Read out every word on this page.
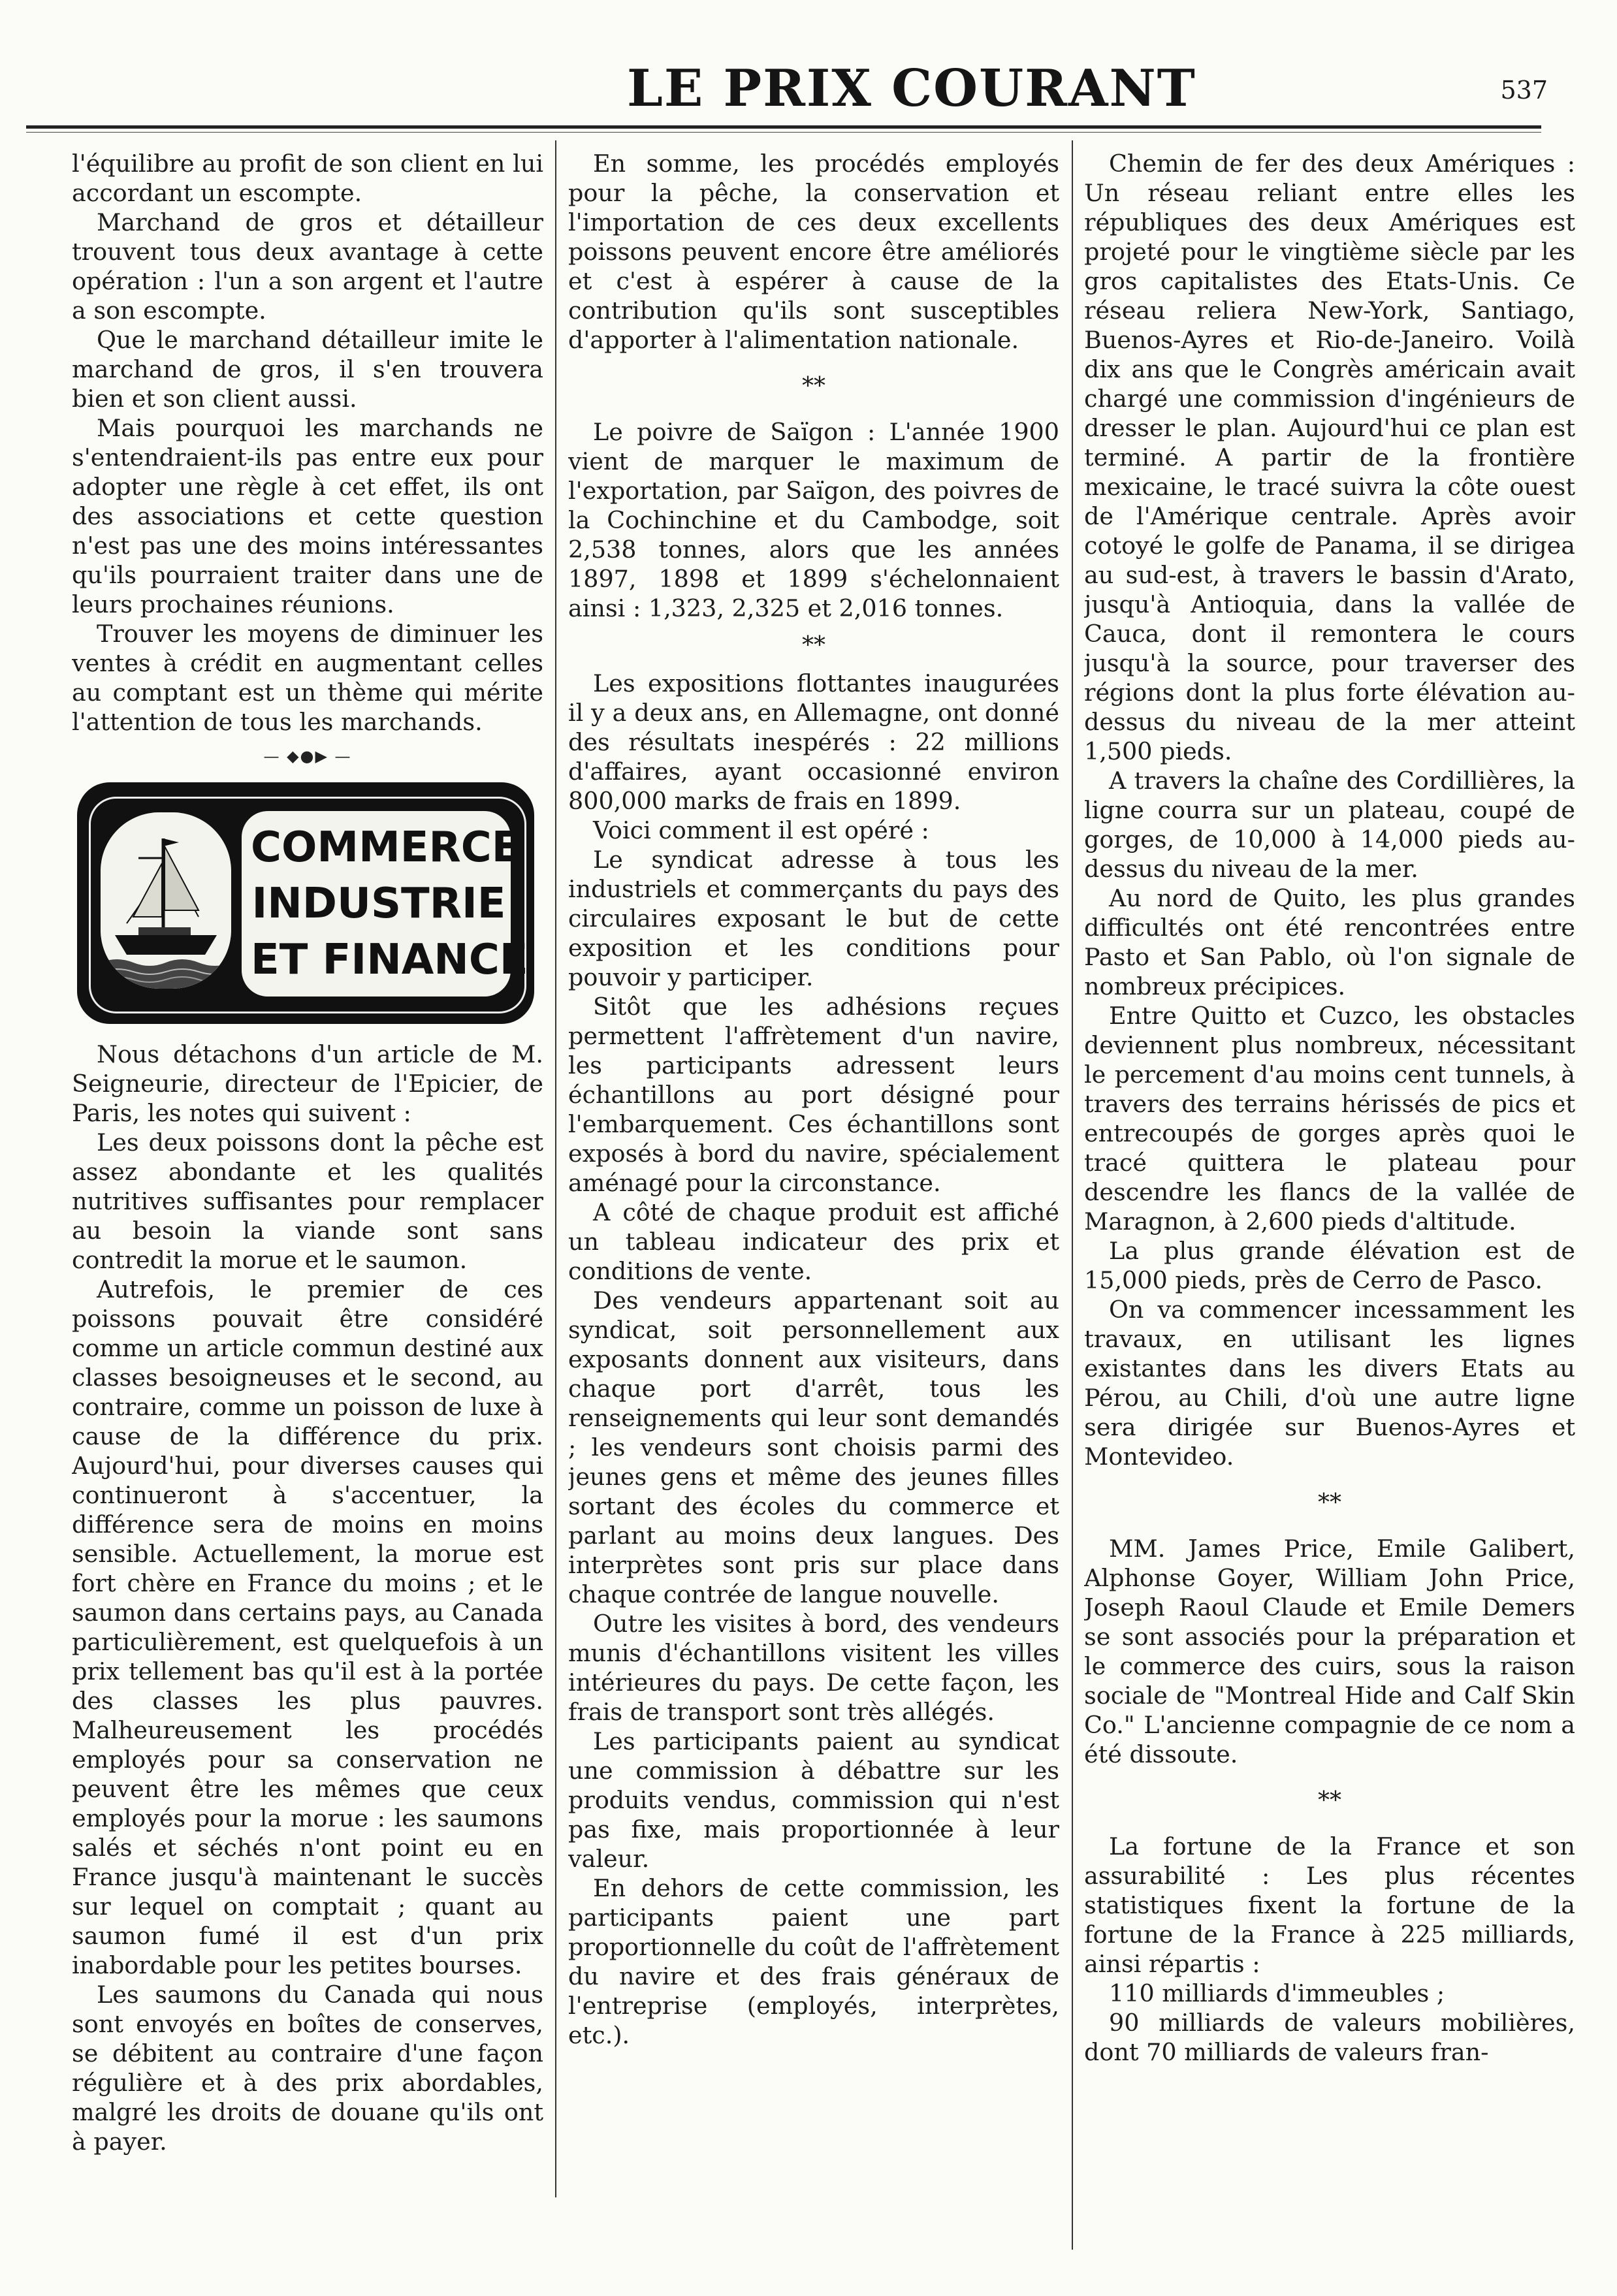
LE PRIX COURANT	537

l'équilibre au profit de son client en lui accordant un escompte.

Marchand de gros et détailleur trouvent tous deux avantage à cette opération : l'un a son argent et l'autre a son escompte.

Que le marchand détailleur imite le marchand de gros, il s'en trouvera bien et son client aussi.

Mais pourquoi les marchands ne s'entendraient-ils pas entre eux pour adopter une règle à cet effet, ils ont des associations et cette question n'est pas une des moins intéressantes qu'ils pourraient traiter dans une de leurs prochaines réunions.

Trouver les moyens de diminuer les ventes à crédit en augmentant celles au comptant est un thème qui mérite l'attention de tous les marchands.

— ◆●▶ —
COMMERCE
INDUSTRIE
ET FINANCE

Nous détachons d'un article de M. Seigneurie, directeur de l'Epicier, de Paris, les notes qui suivent :

Les deux poissons dont la pêche est assez abondante et les qualités nutritives suffisantes pour remplacer au besoin la viande sont sans contredit la morue et le saumon.

Autrefois, le premier de ces poissons pouvait être considéré comme un article commun destiné aux classes besoigneuses et le second, au contraire, comme un poisson de luxe à cause de la différence du prix. Aujourd'hui, pour diverses causes qui continueront à s'accentuer, la différence sera de moins en moins sensible. Actuellement, la morue est fort chère en France du moins ; et le saumon dans certains pays, au Canada particulièrement, est quelquefois à un prix tellement bas qu'il est à la portée des classes les plus pauvres. Malheureusement les procédés employés pour sa conservation ne peuvent être les mêmes que ceux employés pour la morue : les saumons salés et séchés n'ont point eu en France jusqu'à maintenant le succès sur lequel on comptait ; quant au saumon fumé il est d'un prix inabordable pour les petites bourses.

Les saumons du Canada qui nous sont envoyés en boîtes de conserves, se débitent au contraire d'une façon régulière et à des prix abordables, malgré les droits de douane qu'ils ont à payer.

En somme, les procédés employés pour la pêche, la conservation et l'importation de ces deux excellents poissons peuvent encore être améliorés et c'est à espérer à cause de la contribution qu'ils sont susceptibles d'apporter à l'alimentation nationale.

**

Le poivre de Saïgon : L'année 1900 vient de marquer le maximum de l'exportation, par Saïgon, des poivres de la Cochinchine et du Cambodge, soit 2,538 tonnes, alors que les années 1897, 1898 et 1899 s'échelonnaient ainsi : 1,323, 2,325 et 2,016 tonnes.

**

Les expositions flottantes inaugurées il y a deux ans, en Allemagne, ont donné des résultats inespérés : 22 millions d'affaires, ayant occasionné environ 800,000 marks de frais en 1899.

Voici comment il est opéré :

Le syndicat adresse à tous les industriels et commerçants du pays des circulaires exposant le but de cette exposition et les conditions pour pouvoir y participer.

Sitôt que les adhésions reçues permettent l'affrètement d'un navire, les participants adressent leurs échantillons au port désigné pour l'embarquement. Ces échantillons sont exposés à bord du navire, spécialement aménagé pour la circonstance.

A côté de chaque produit est affiché un tableau indicateur des prix et conditions de vente.

Des vendeurs appartenant soit au syndicat, soit personnellement aux exposants donnent aux visiteurs, dans chaque port d'arrêt, tous les renseignements qui leur sont demandés ; les vendeurs sont choisis parmi des jeunes gens et même des jeunes filles sortant des écoles du commerce et parlant au moins deux langues. Des interprètes sont pris sur place dans chaque contrée de langue nouvelle.

Outre les visites à bord, des vendeurs munis d'échantillons visitent les villes intérieures du pays. De cette façon, les frais de transport sont très allégés.

Les participants paient au syndicat une commission à débattre sur les produits vendus, commission qui n'est pas fixe, mais proportionnée à leur valeur.

En dehors de cette commission, les participants paient une part proportionnelle du coût de l'affrètement du navire et des frais généraux de l'entreprise (employés, interprètes, etc.).

Chemin de fer des deux Amériques : Un réseau reliant entre elles les républiques des deux Amériques est projeté pour le vingtième siècle par les gros capitalistes des Etats-Unis. Ce réseau reliera New-York, Santiago, Buenos-Ayres et Rio-de-Janeiro. Voilà dix ans que le Congrès américain avait chargé une commission d'ingénieurs de dresser le plan. Aujourd'hui ce plan est terminé. A partir de la frontière mexicaine, le tracé suivra la côte ouest de l'Amérique centrale. Après avoir cotoyé le golfe de Panama, il se dirigea au sud-est, à travers le bassin d'Arato, jusqu'à Antioquia, dans la vallée de Cauca, dont il remontera le cours jusqu'à la source, pour traverser des régions dont la plus forte élévation au-dessus du niveau de la mer atteint 1,500 pieds.

A travers la chaîne des Cordillières, la ligne courra sur un plateau, coupé de gorges, de 10,000 à 14,000 pieds au-dessus du niveau de la mer.

Au nord de Quito, les plus grandes difficultés ont été rencontrées entre Pasto et San Pablo, où l'on signale de nombreux précipices.

Entre Quitto et Cuzco, les obstacles deviennent plus nombreux, nécessitant le percement d'au moins cent tunnels, à travers des terrains hérissés de pics et entrecoupés de gorges après quoi le tracé quittera le plateau pour descendre les flancs de la vallée de Maragnon, à 2,600 pieds d'altitude.

La plus grande élévation est de 15,000 pieds, près de Cerro de Pasco.

On va commencer incessamment les travaux, en utilisant les lignes existantes dans les divers Etats au Pérou, au Chili, d'où une autre ligne sera dirigée sur Buenos-Ayres et Montevideo.

**

MM. James Price, Emile Galibert, Alphonse Goyer, William John Price, Joseph Raoul Claude et Emile Demers se sont associés pour la préparation et le commerce des cuirs, sous la raison sociale de "Montreal Hide and Calf Skin Co." L'ancienne compagnie de ce nom a été dissoute.

**

La fortune de la France et son assurabilité : Les plus récentes statistiques fixent la fortune de la fortune de la France à 225 milliards, ainsi répartis :

110 milliards d'immeubles ;

90 milliards de valeurs mobilières, dont 70 milliards de valeurs fran-
